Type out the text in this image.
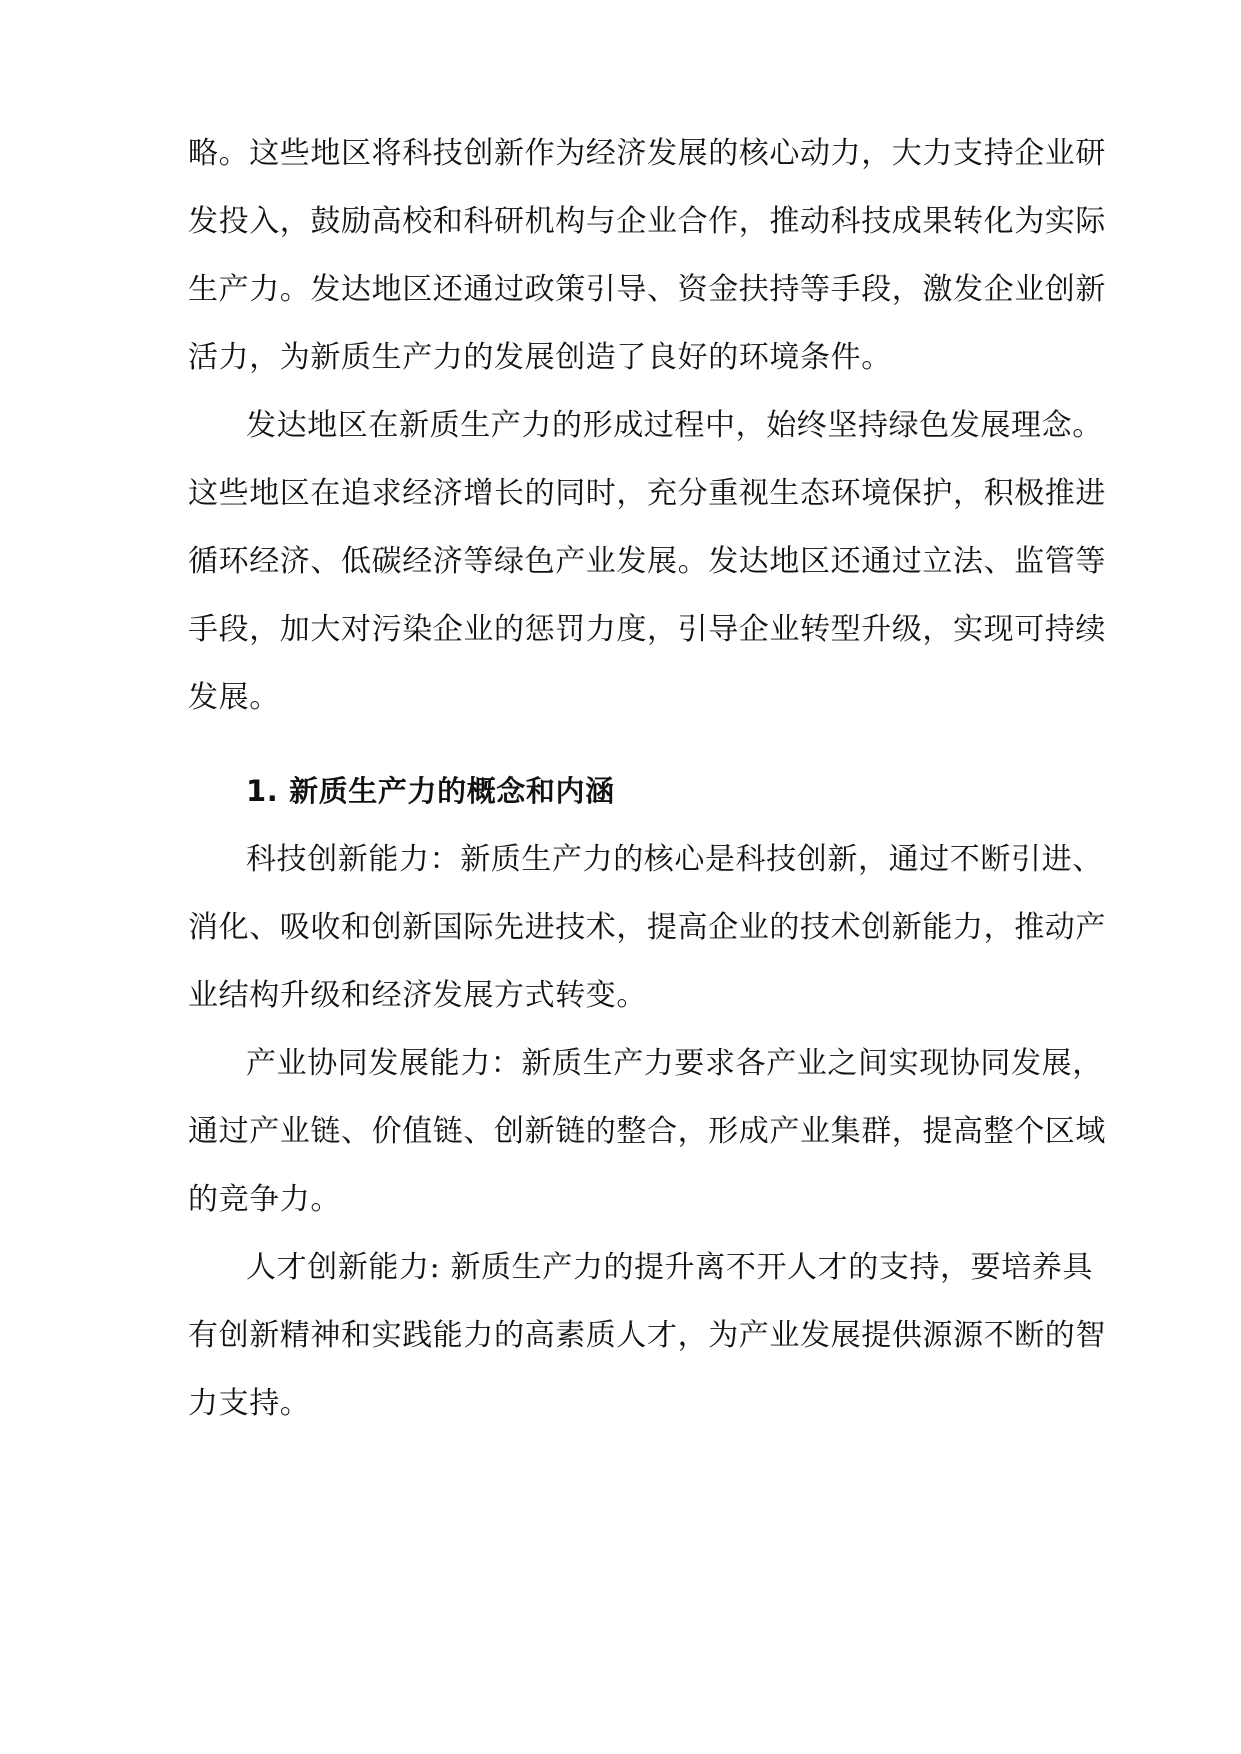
略。这些地区将科技创新作为经济发展的核心动力，大力支持企业研
发投入，鼓励高校和科研机构与企业合作，推动科技成果转化为实际
生产力。发达地区还通过政策引导、资金扶持等手段，激发企业创新
活力，为新质生产力的发展创造了良好的环境条件。
发达地区在新质生产力的形成过程中，始终坚持绿色发展理念。
这些地区在追求经济增长的同时，充分重视生态环境保护，积极推进
循环经济、低碳经济等绿色产业发展。发达地区还通过立法、监管等
手段，加大对污染企业的惩罚力度，引导企业转型升级，实现可持续
发展。
1. 新质生产力的概念和内涵
科技创新能力：新质生产力的核心是科技创新，通过不断引进、
消化、吸收和创新国际先进技术，提高企业的技术创新能力，推动产
业结构升级和经济发展方式转变。
产业协同发展能力：新质生产力要求各产业之间实现协同发展，
通过产业链、价值链、创新链的整合，形成产业集群，提高整个区域
的竞争力。
人才创新能力: 新质生产力的提升离不开人才的支持，要培养具
有创新精神和实践能力的高素质人才，为产业发展提供源源不断的智
力支持。
